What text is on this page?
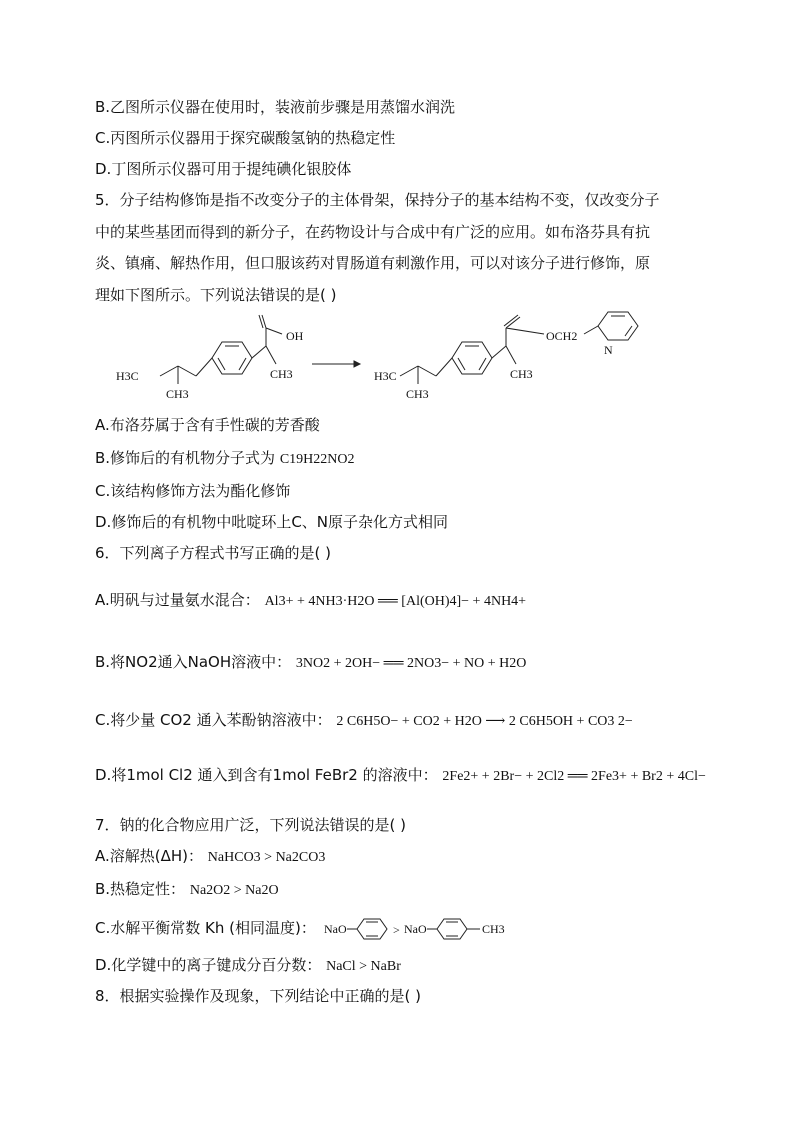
B.乙图所示仪器在使用时，装液前步骤是用蒸馏水润洗
C.丙图所示仪器用于探究碳酸氢钠的热稳定性
D.丁图所示仪器可用于提纯碘化银胶体
5．分子结构修饰是指不改变分子的主体骨架，保持分子的基本结构不变，仅改变分子
中的某些基团而得到的新分子，在药物设计与合成中有广泛的应用。如布洛芬具有抗
炎、镇痛、解热作用，但口服该药对胃肠道有刺激作用，可以对该分子进行修饰，原
理如下图所示。下列说法错误的是( )
OH
CH3
H3C
CH3
OCH2
CH3
H3C
CH3
N
A.布洛芬属于含有手性碳的芳香酸
B.修饰后的有机物分子式为 C19H22NO2
C.该结构修饰方法为酯化修饰
D.修饰后的有机物中吡啶环上C、N原子杂化方式相同
6．下列离子方程式书写正确的是( )
A.明矾与过量氨水混合： Al3+ + 4NH3·H2O ══ [Al(OH)4]− + 4NH4+
B.将NO2通入NaOH溶液中： 3NO2 + 2OH− ══ 2NO3− + NO + H2O
C.将少量 CO2 通入苯酚钠溶液中： 2 C6H5O− + CO2 + H2O ⟶ 2 C6H5OH + CO3 2−
D.将1mol Cl2 通入到含有1mol FeBr2 的溶液中： 2Fe2+ + 2Br− + 2Cl2 ══ 2Fe3+ + Br2 + 4Cl−
7．钠的化合物应用广泛，下列说法错误的是( )
A.溶解热(ΔH)： NaHCO3 > Na2CO3
B.热稳定性： Na2O2 > Na2O
C.水解平衡常数 Kh (相同温度)： NaO	> NaO	CH3
D.化学键中的离子键成分百分数： NaCl > NaBr
8．根据实验操作及现象，下列结论中正确的是( )
